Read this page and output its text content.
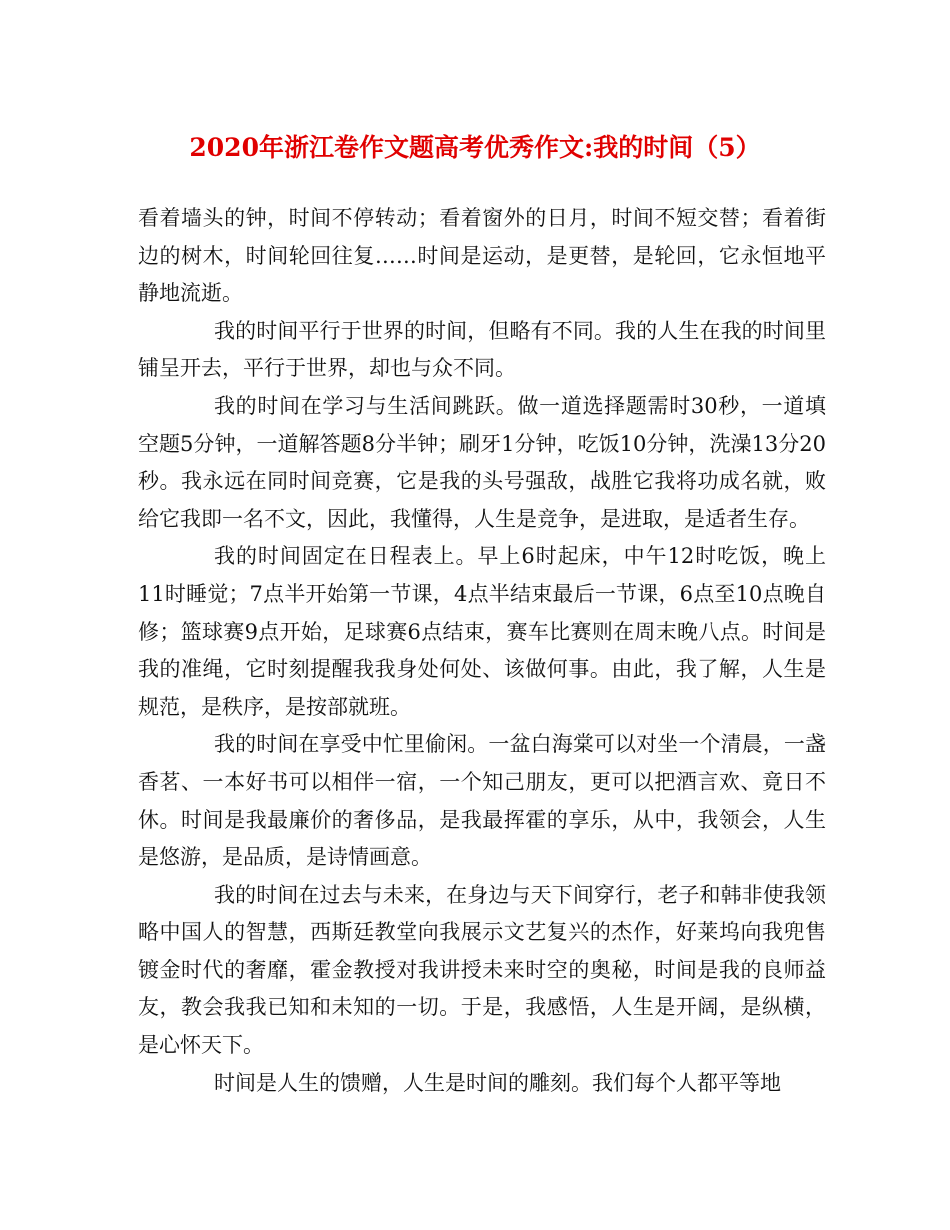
2020年浙江卷作文题高考优秀作文:我的时间（5）

看着墙头的钟，时间不停转动；看着窗外的日月，时间不短交替；看着街边的树木，时间轮回往复……时间是运动，是更替，是轮回，它永恒地平静地流逝。

我的时间平行于世界的时间，但略有不同。我的人生在我的时间里铺呈开去，平行于世界，却也与众不同。

我的时间在学习与生活间跳跃。做一道选择题需时30秒，一道填空题5分钟，一道解答题8分半钟；刷牙1分钟，吃饭10分钟，洗澡13分20秒。我永远在同时间竞赛，它是我的头号强敌，战胜它我将功成名就，败给它我即一名不文，因此，我懂得，人生是竞争，是进取，是适者生存。

我的时间固定在日程表上。早上6时起床，中午12时吃饭，晚上11时睡觉；7点半开始第一节课，4点半结束最后一节课，6点至10点晚自修；篮球赛9点开始，足球赛6点结束，赛车比赛则在周末晚八点。时间是我的准绳，它时刻提醒我我身处何处、该做何事。由此，我了解，人生是规范，是秩序，是按部就班。

我的时间在享受中忙里偷闲。一盆白海棠可以对坐一个清晨，一盏香茗、一本好书可以相伴一宿，一个知己朋友，更可以把酒言欢、竟日不休。时间是我最廉价的奢侈品，是我最挥霍的享乐，从中，我领会，人生是悠游，是品质，是诗情画意。

我的时间在过去与未来，在身边与天下间穿行，老子和韩非使我领略中国人的智慧，西斯廷教堂向我展示文艺复兴的杰作，好莱坞向我兜售镀金时代的奢靡，霍金教授对我讲授未来时空的奥秘，时间是我的良师益友，教会我我已知和未知的一切。于是，我感悟，人生是开阔，是纵横，是心怀天下。

时间是人生的馈赠，人生是时间的雕刻。我们每个人都平等地
